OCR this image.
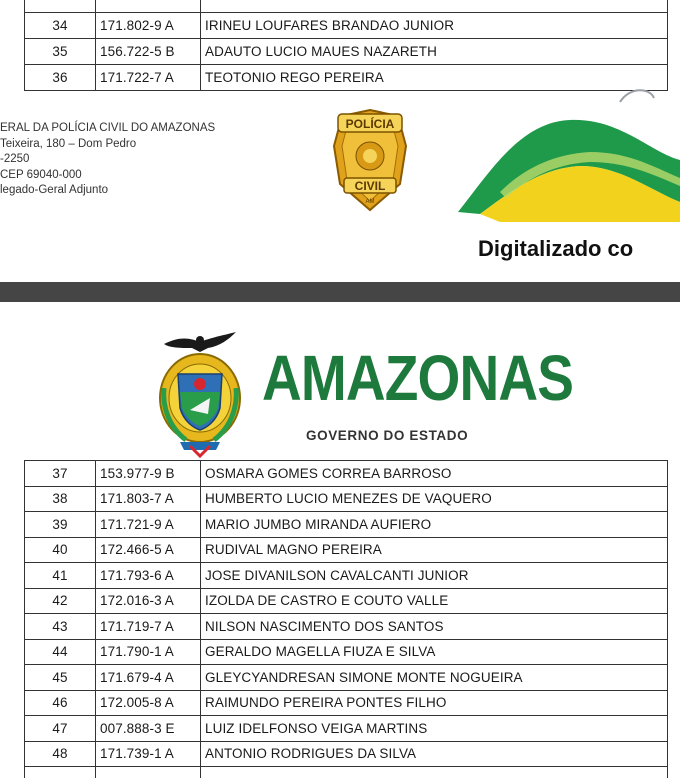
34	171.802-9 A	IRINEU LOUFARES BRANDAO JUNIOR
35	156.722-5 B	ADAUTO LUCIO MAUES NAZARETH
36	171.722-7 A	TEOTONIO REGO PEREIRA
ERAL DA POLÍCIA CIVIL DO AMAZONAS
Teixeira, 180 – Dom Pedro
-2250
CEP 69040-000
legado-Geral Adjunto
POLÍCIA
CIVIL
AM
Digitalizado co
AMAZONAS
GOVERNO DO ESTADO
37	153.977-9 B	OSMARA GOMES CORREA BARROSO
38	171.803-7 A	HUMBERTO LUCIO MENEZES DE VAQUERO
39	171.721-9 A	MARIO JUMBO MIRANDA AUFIERO
40	172.466-5 A	RUDIVAL MAGNO PEREIRA
41	171.793-6 A	JOSE DIVANILSON CAVALCANTI JUNIOR
42	172.016-3 A	IZOLDA DE CASTRO E COUTO VALLE
43	171.719-7 A	NILSON NASCIMENTO DOS SANTOS
44	171.790-1 A	GERALDO MAGELLA FIUZA E SILVA
45	171.679-4 A	GLEYCYANDRESAN SIMONE MONTE NOGUEIRA
46	172.005-8 A	RAIMUNDO PEREIRA PONTES FILHO
47	007.888-3 E	LUIZ IDELFONSO VEIGA MARTINS
48	171.739-1 A	ANTONIO RODRIGUES DA SILVA
